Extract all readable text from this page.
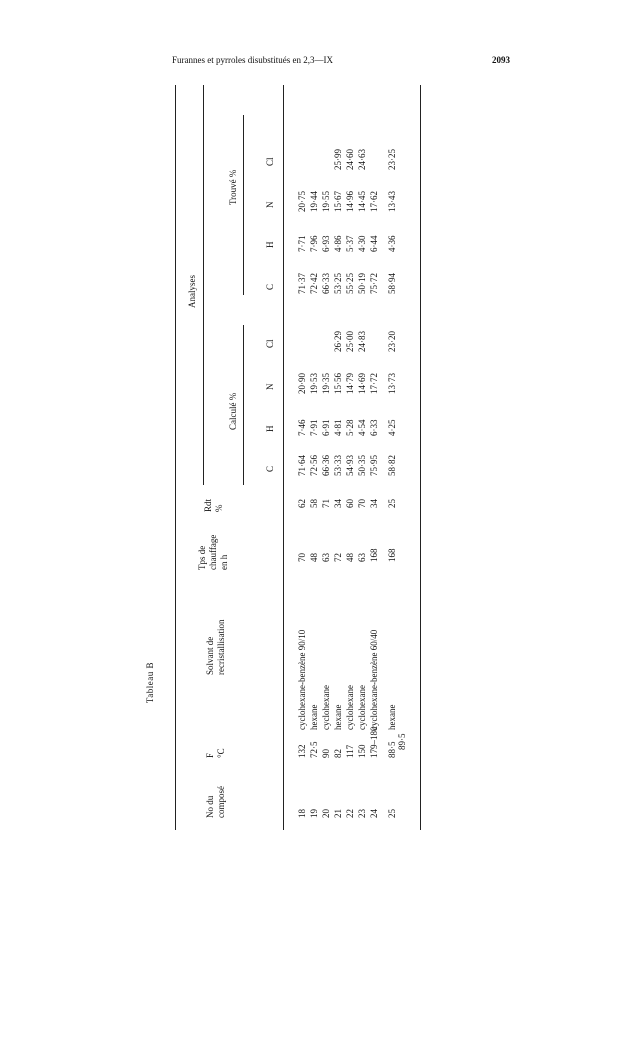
Furannes et pyrroles disubstitués en 2,3—IX	2093
Tableau B
No du composé
F °C
Solvant de recristallisation
Tps de chauffage en h
Rdt %
Analyses
Calculé %
Trouvé %
C
H
N
Cl
C
H
N
Cl
18
132
cyclohexane-benzène 90/10
70
62
71·64
7·46
20·90
71·37
7·71
20·75
19
72·5
hexane
48
58
72·56
7·91
19·53
72·42
7·96
19·44
20
90
cyclohexane
63
71
66·36
6·91
19·35
66·33
6·93
19·55
21
82
hexane
72
34
53·33
4·81
15·56
26·29
53·25
4·86
15·67
25·99
22
117
cyclohexane
48
60
54·93
5·28
14·79
25·00
55·25
5·37
14·96
24·60
23
150
cyclohexane
63
70
50·35
4·54
14·69
24·83
50·19
4·30
14·45
24·63
24
179–180
cyclohexane-benzène 60/40
168
34
75·95
6·33
17·72
75·72
6·44
17·62
25
88·5 89·5
hexane
168
25
58·82
4·25
13·73
23·20
58·94
4·36
13·43
23·25
